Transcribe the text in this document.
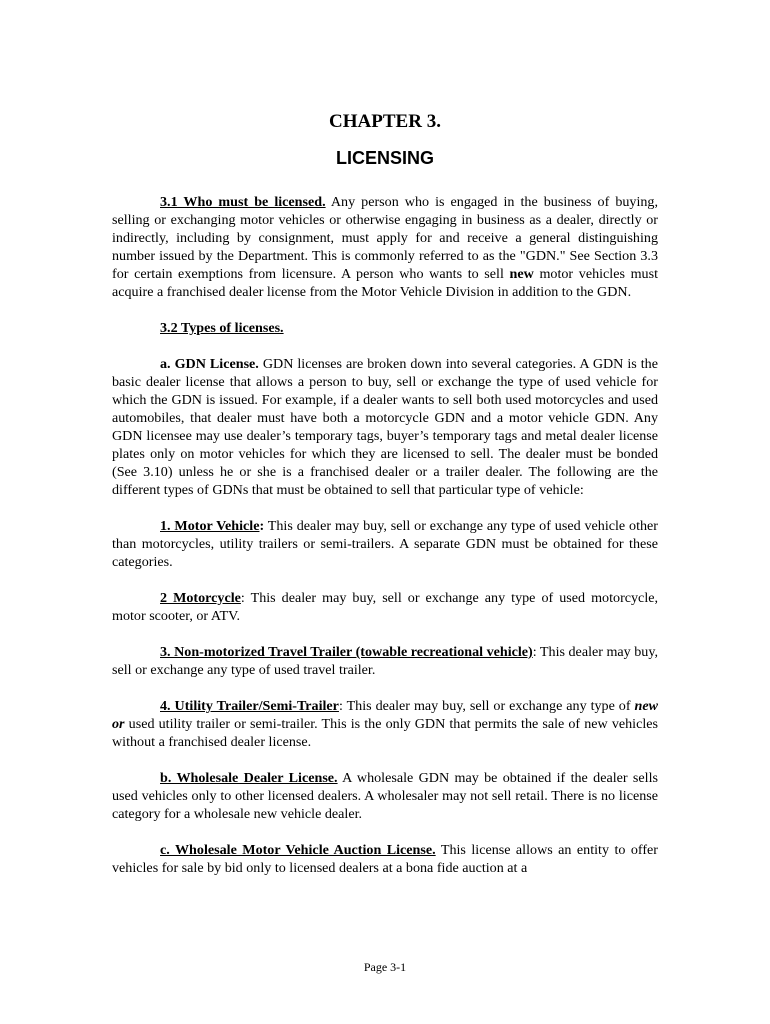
CHAPTER 3.
LICENSING

3.1 Who must be licensed. Any person who is engaged in the business of buying, selling or exchanging motor vehicles or otherwise engaging in business as a dealer, directly or indirectly, including by consignment, must apply for and receive a general distinguishing number issued by the Department. This is commonly referred to as the "GDN." See Section 3.3 for certain exemptions from licensure. A person who wants to sell new motor vehicles must acquire a franchised dealer license from the Motor Vehicle Division in addition to the GDN.

3.2 Types of licenses.

a. GDN License. GDN licenses are broken down into several categories. A GDN is the basic dealer license that allows a person to buy, sell or exchange the type of used vehicle for which the GDN is issued. For example, if a dealer wants to sell both used motorcycles and used automobiles, that dealer must have both a motorcycle GDN and a motor vehicle GDN. Any GDN licensee may use dealer’s temporary tags, buyer’s temporary tags and metal dealer license plates only on motor vehicles for which they are licensed to sell. The dealer must be bonded (See 3.10) unless he or she is a franchised dealer or a trailer dealer. The following are the different types of GDNs that must be obtained to sell that particular type of vehicle:

1. Motor Vehicle: This dealer may buy, sell or exchange any type of used vehicle other than motorcycles, utility trailers or semi-trailers. A separate GDN must be obtained for these categories.

2 Motorcycle: This dealer may buy, sell or exchange any type of used motorcycle, motor scooter, or ATV.

3. Non-motorized Travel Trailer (towable recreational vehicle): This dealer may buy, sell or exchange any type of used travel trailer.

4. Utility Trailer/Semi-Trailer: This dealer may buy, sell or exchange any type of new or used utility trailer or semi-trailer. This is the only GDN that permits the sale of new vehicles without a franchised dealer license.

b. Wholesale Dealer License. A wholesale GDN may be obtained if the dealer sells used vehicles only to other licensed dealers. A wholesaler may not sell retail. There is no license category for a wholesale new vehicle dealer.

c. Wholesale Motor Vehicle Auction License. This license allows an entity to offer vehicles for sale by bid only to licensed dealers at a bona fide auction at a

Page 3-1
